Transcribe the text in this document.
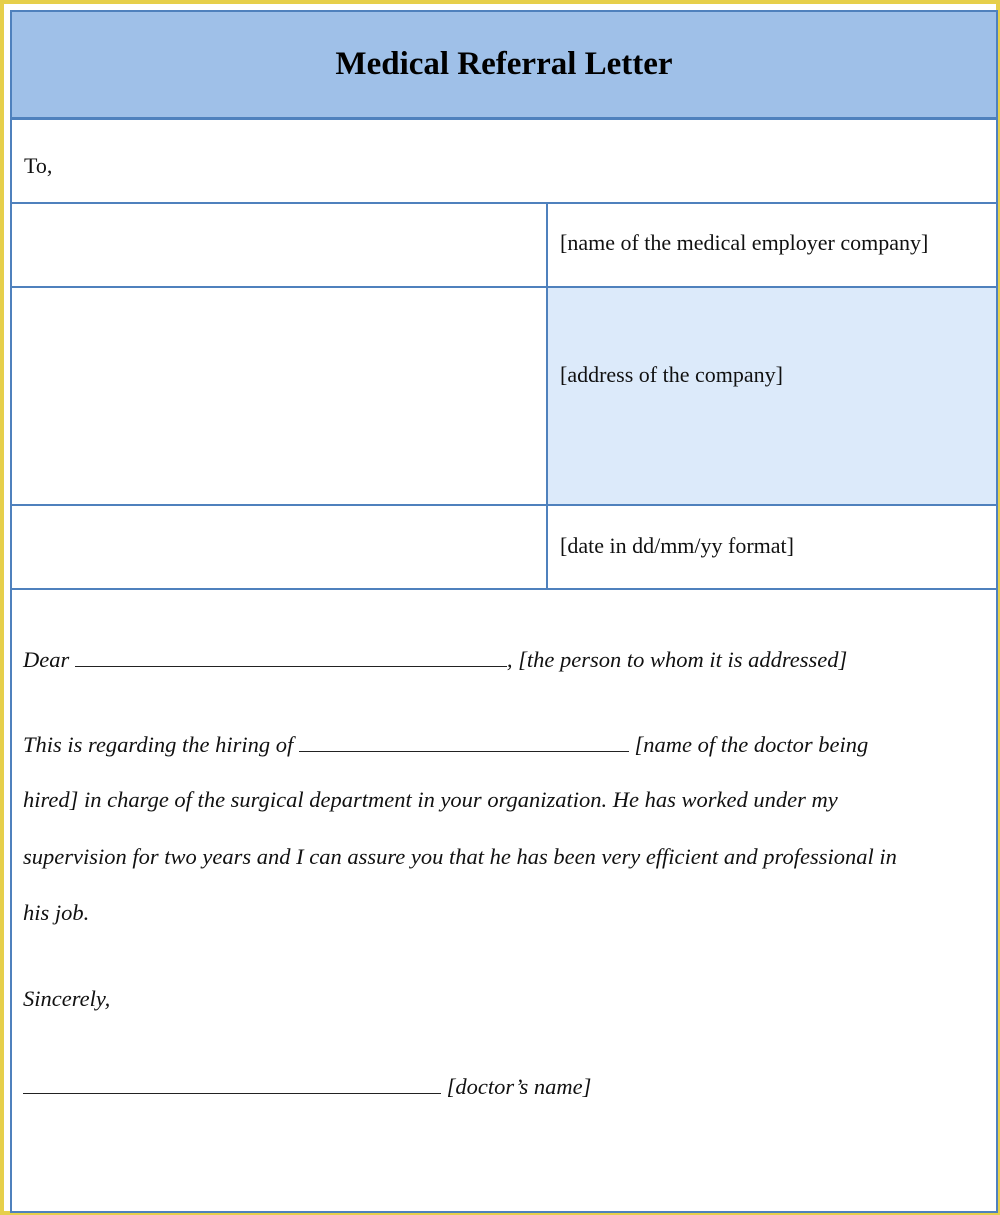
Medical Referral Letter
To,
[name of the medical employer company]
[address of the company]
[date in dd/mm/yy format]
Dear	, [the person to whom it is addressed]
This is regarding the hiring of	[name of the doctor being
hired] in charge of the surgical department in your organization. He has worked under my
supervision for two years and I can assure you that he has been very efficient and professional in
his job.
Sincerely,
[doctor’s name]
